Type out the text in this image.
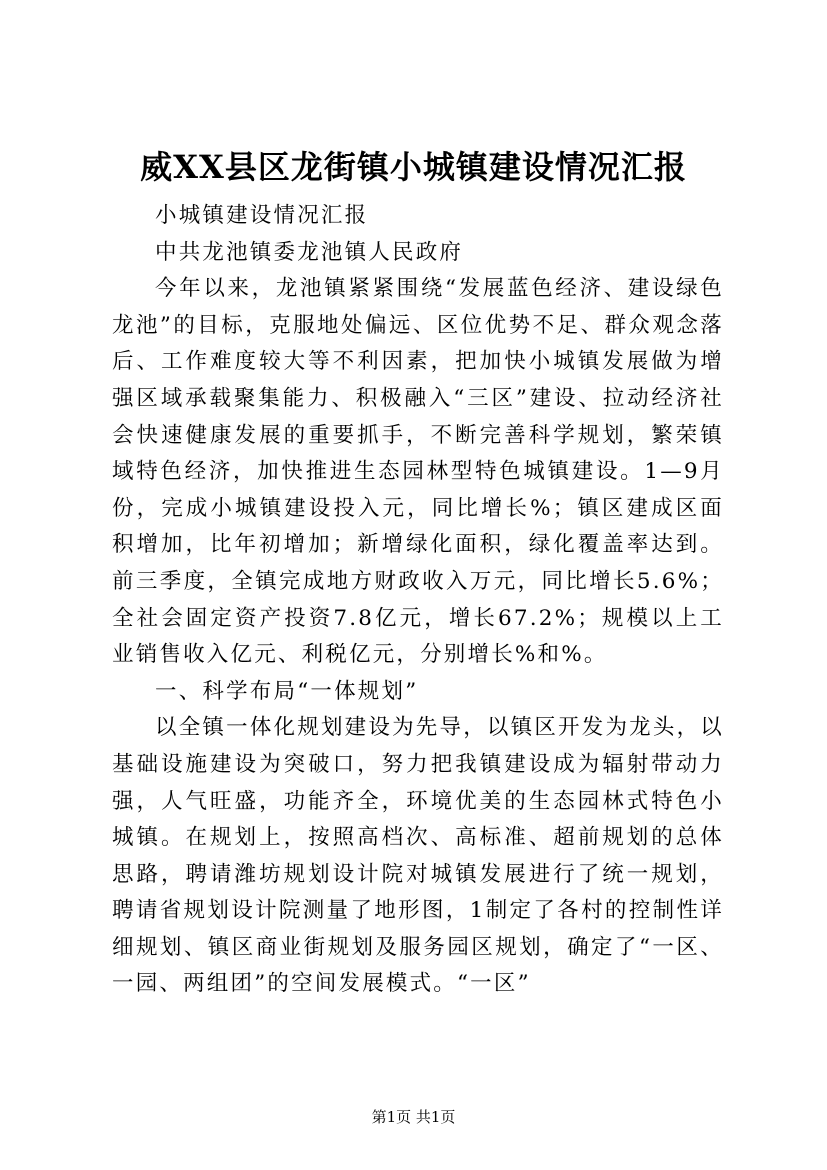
威XX县区龙街镇小城镇建设情况汇报

小城镇建设情况汇报

中共龙池镇委龙池镇人民政府

今年以来，龙池镇紧紧围绕“发展蓝色经济、建设绿色龙池”的目标，克服地处偏远、区位优势不足、群众观念落后、工作难度较大等不利因素，把加快小城镇发展做为增强区域承载聚集能力、积极融入“三区”建设、拉动经济社会快速健康发展的重要抓手，不断完善科学规划，繁荣镇域特色经济，加快推进生态园林型特色城镇建设。1—9月份，完成小城镇建设投入元，同比增长%；镇区建成区面积增加，比年初增加；新增绿化面积，绿化覆盖率达到。前三季度，全镇完成地方财政收入万元，同比增长5.6%；全社会固定资产投资7.8亿元，增长67.2%；规模以上工业销售收入亿元、利税亿元，分别增长%和%。

一、科学布局“一体规划”

以全镇一体化规划建设为先导，以镇区开发为龙头，以基础设施建设为突破口，努力把我镇建设成为辐射带动力强，人气旺盛，功能齐全，环境优美的生态园林式特色小城镇。在规划上，按照高档次、高标准、超前规划的总体思路，聘请潍坊规划设计院对城镇发展进行了统一规划，聘请省规划设计院测量了地形图，1制定了各村的控制性详细规划、镇区商业街规划及服务园区规划，确定了“一区、一园、两组团”的空间发展模式。“一区”

第1页 共1页
